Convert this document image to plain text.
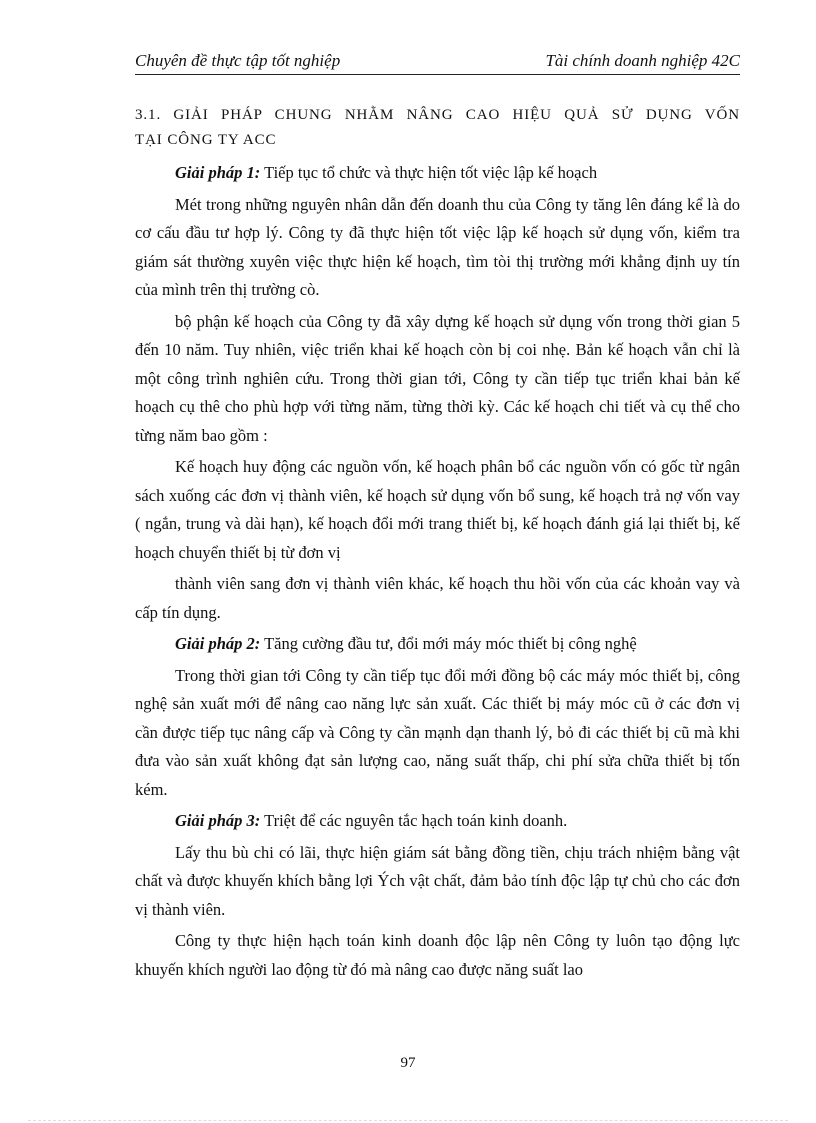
Chuyên đề thực tập tốt nghiệp	Tài chính doanh nghiệp 42C
3.1. GIẢI PHÁP CHUNG NHẰM NÂNG CAO HIỆU QUẢ SỬ DỤNG VỐN
TẠI CÔNG TY ACC

Giải pháp 1: Tiếp tục tổ chức và thực hiện tốt việc lập kế hoạch

Mét trong những nguyên nhân dẫn đến doanh thu của Công ty tăng lên đáng kể là do cơ cấu đầu tư hợp lý. Công ty đã thực hiện tốt việc lập kế hoạch sử dụng vốn, kiểm tra giám sát thường xuyên việc thực hiện kế hoạch, tìm tòi thị trường mới khẳng định uy tín của mình trên thị trường cò.

bộ phận kế hoạch của Công ty đã xây dựng kế hoạch sử dụng vốn trong thời gian 5 đến 10 năm. Tuy nhiên, việc triển khai kế hoạch còn bị coi nhẹ. Bản kế hoạch vẫn chỉ là một công trình nghiên cứu. Trong thời gian tới, Công ty cần tiếp tục triển khai bản kế hoạch cụ thê cho phù hợp với từng năm, từng thời kỳ. Các kế hoạch chi tiết và cụ thể cho từng năm bao gồm :

Kế hoạch huy động các nguồn vốn, kế hoạch phân bổ các nguồn vốn có gốc từ ngân sách xuống các đơn vị thành viên, kế hoạch sử dụng vốn bổ sung, kế hoạch trả nợ vốn vay ( ngắn, trung và dài hạn), kế hoạch đổi mới trang thiết bị, kế hoạch đánh giá lại thiết bị, kế hoạch chuyển thiết bị từ đơn vị

thành viên sang đơn vị thành viên khác, kế hoạch thu hồi vốn của các khoản vay và cấp tín dụng.

Giải pháp 2: Tăng cường đầu tư, đổi mới máy móc thiết bị công nghệ

Trong thời gian tới Công ty cần tiếp tục đổi mới đồng bộ các máy móc thiết bị, công nghệ sản xuất mới để nâng cao năng lực sản xuất. Các thiết bị máy móc cũ ở các đơn vị cần được tiếp tục nâng cấp và Công ty cần mạnh dạn thanh lý, bỏ đi các thiết bị cũ mà khi đưa vào sản xuất không đạt sản lượng cao, năng suất thấp, chi phí sửa chữa thiết bị tốn kém.

Giải pháp 3: Triệt để các nguyên tắc hạch toán kinh doanh.

Lấy thu bù chi có lãi, thực hiện giám sát bằng đồng tiền, chịu trách nhiệm bằng vật chất và được khuyến khích bằng lợi Ých vật chất, đảm bảo tính độc lập tự chủ cho các đơn vị thành viên.

Công ty thực hiện hạch toán kinh doanh độc lập nên Công ty luôn tạo động lực khuyến khích người lao động từ đó mà nâng cao được năng suất lao

97
